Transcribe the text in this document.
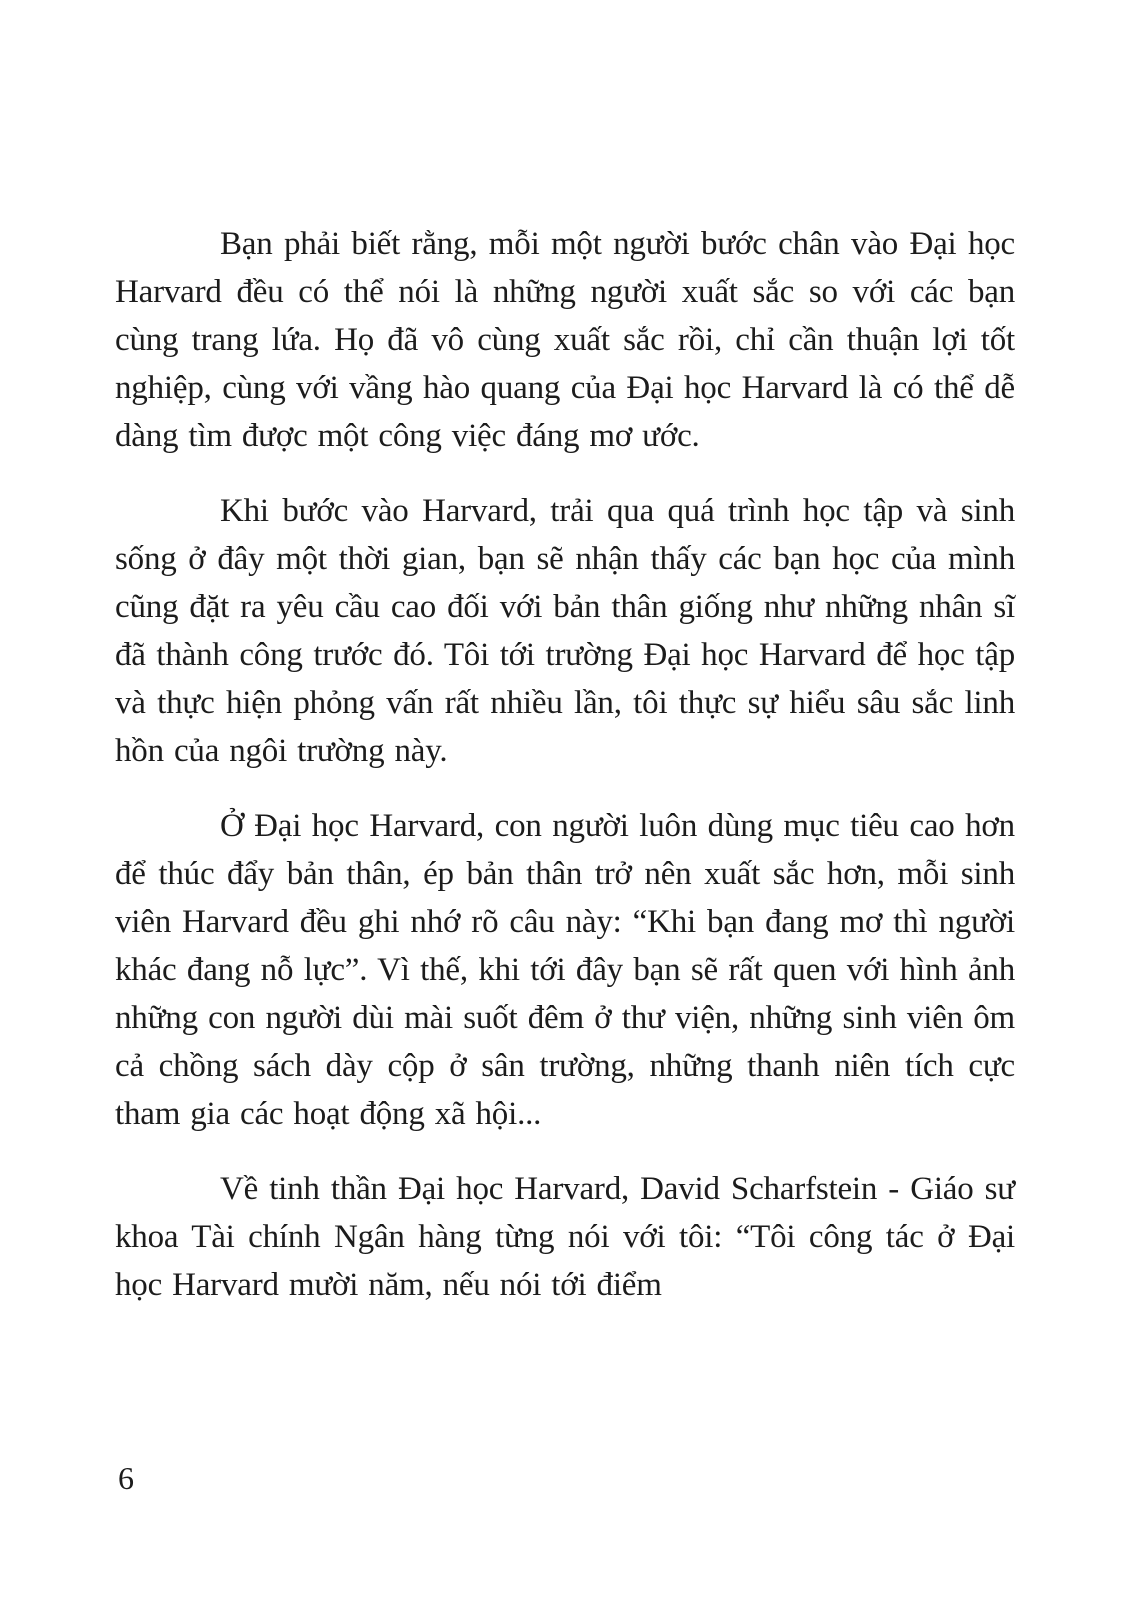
Bạn phải biết rằng, mỗi một người bước chân vào Đại học Harvard đều có thể nói là những người xuất sắc so với các bạn cùng trang lứa. Họ đã vô cùng xuất sắc rồi, chỉ cần thuận lợi tốt nghiệp, cùng với vầng hào quang của Đại học Harvard là có thể dễ dàng tìm được một công việc đáng mơ ước.

Khi bước vào Harvard, trải qua quá trình học tập và sinh sống ở đây một thời gian, bạn sẽ nhận thấy các bạn học của mình cũng đặt ra yêu cầu cao đối với bản thân giống như những nhân sĩ đã thành công trước đó. Tôi tới trường Đại học Harvard để học tập và thực hiện phỏng vấn rất nhiều lần, tôi thực sự hiểu sâu sắc linh hồn của ngôi trường này.

Ở Đại học Harvard, con người luôn dùng mục tiêu cao hơn để thúc đẩy bản thân, ép bản thân trở nên xuất sắc hơn, mỗi sinh viên Harvard đều ghi nhớ rõ câu này: “Khi bạn đang mơ thì người khác đang nỗ lực”. Vì thế, khi tới đây bạn sẽ rất quen với hình ảnh những con người dùi mài suốt đêm ở thư viện, những sinh viên ôm cả chồng sách dày cộp ở sân trường, những thanh niên tích cực tham gia các hoạt động xã hội...

Về tinh thần Đại học Harvard, David Scharfstein - Giáo sư khoa Tài chính Ngân hàng từng nói với tôi: “Tôi công tác ở Đại học Harvard mười năm, nếu nói tới điểm

6
